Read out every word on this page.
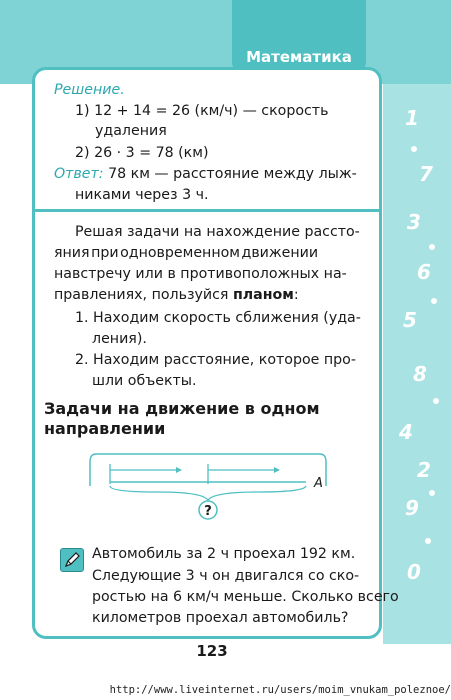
Математика
1
7
3
6
5
8
4
2
9
0
Решение.
1) 12 + 14 = 26 (км/ч) — скорость
удаления
2) 26 · 3 = 78 (км)
Ответ: 78 км — расстояние между лыж-
никами через 3 ч.
Решая задачи на нахождение рассто-
яния при одновременном движении
навстречу или в противоположных на-
правлениях, пользуйся планом:
1. Находим скорость сближения (уда-
ления).
2. Находим расстояние, которое про-
шли объекты.
Задачи на движение в одном
направлении
?
A
Автомобиль за 2 ч проехал 192 км.
Следующие 3 ч он двигался со ско-
ростью на 6 км/ч меньше. Сколько всего
километров проехал автомобиль?
123
http://www.liveinternet.ru/users/moim_vnukam_poleznoe/
